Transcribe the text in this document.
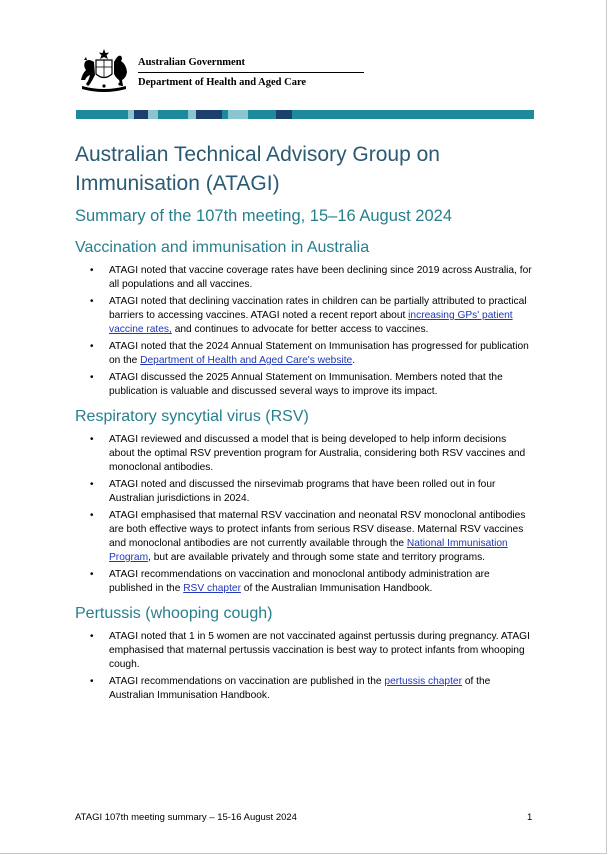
Australian Government
Department of Health and Aged Care
Australian Technical Advisory Group on Immunisation (ATAGI)
Summary of the 107th meeting, 15–16 August 2024
Vaccination and immunisation in Australia
• ATAGI noted that vaccine coverage rates have been declining since 2019 across Australia, for all populations and all vaccines.
• ATAGI noted that declining vaccination rates in children can be partially attributed to practical barriers to accessing vaccines. ATAGI noted a recent report about increasing GPs' patient vaccine rates, and continues to advocate for better access to vaccines.
• ATAGI noted that the 2024 Annual Statement on Immunisation has progressed for publication on the Department of Health and Aged Care's website.
• ATAGI discussed the 2025 Annual Statement on Immunisation. Members noted that the publication is valuable and discussed several ways to improve its impact.
Respiratory syncytial virus (RSV)
• ATAGI reviewed and discussed a model that is being developed to help inform decisions about the optimal RSV prevention program for Australia, considering both RSV vaccines and monoclonal antibodies.
• ATAGI noted and discussed the nirsevimab programs that have been rolled out in four Australian jurisdictions in 2024.
• ATAGI emphasised that maternal RSV vaccination and neonatal RSV monoclonal antibodies are both effective ways to protect infants from serious RSV disease. Maternal RSV vaccines and monoclonal antibodies are not currently available through the National Immunisation Program, but are available privately and through some state and territory programs.
• ATAGI recommendations on vaccination and monoclonal antibody administration are published in the RSV chapter of the Australian Immunisation Handbook.
Pertussis (whooping cough)
• ATAGI noted that 1 in 5 women are not vaccinated against pertussis during pregnancy. ATAGI emphasised that maternal pertussis vaccination is best way to protect infants from whooping cough.
• ATAGI recommendations on vaccination are published in the pertussis chapter of the Australian Immunisation Handbook.
ATAGI 107th meeting summary – 15-16 August 2024	1
